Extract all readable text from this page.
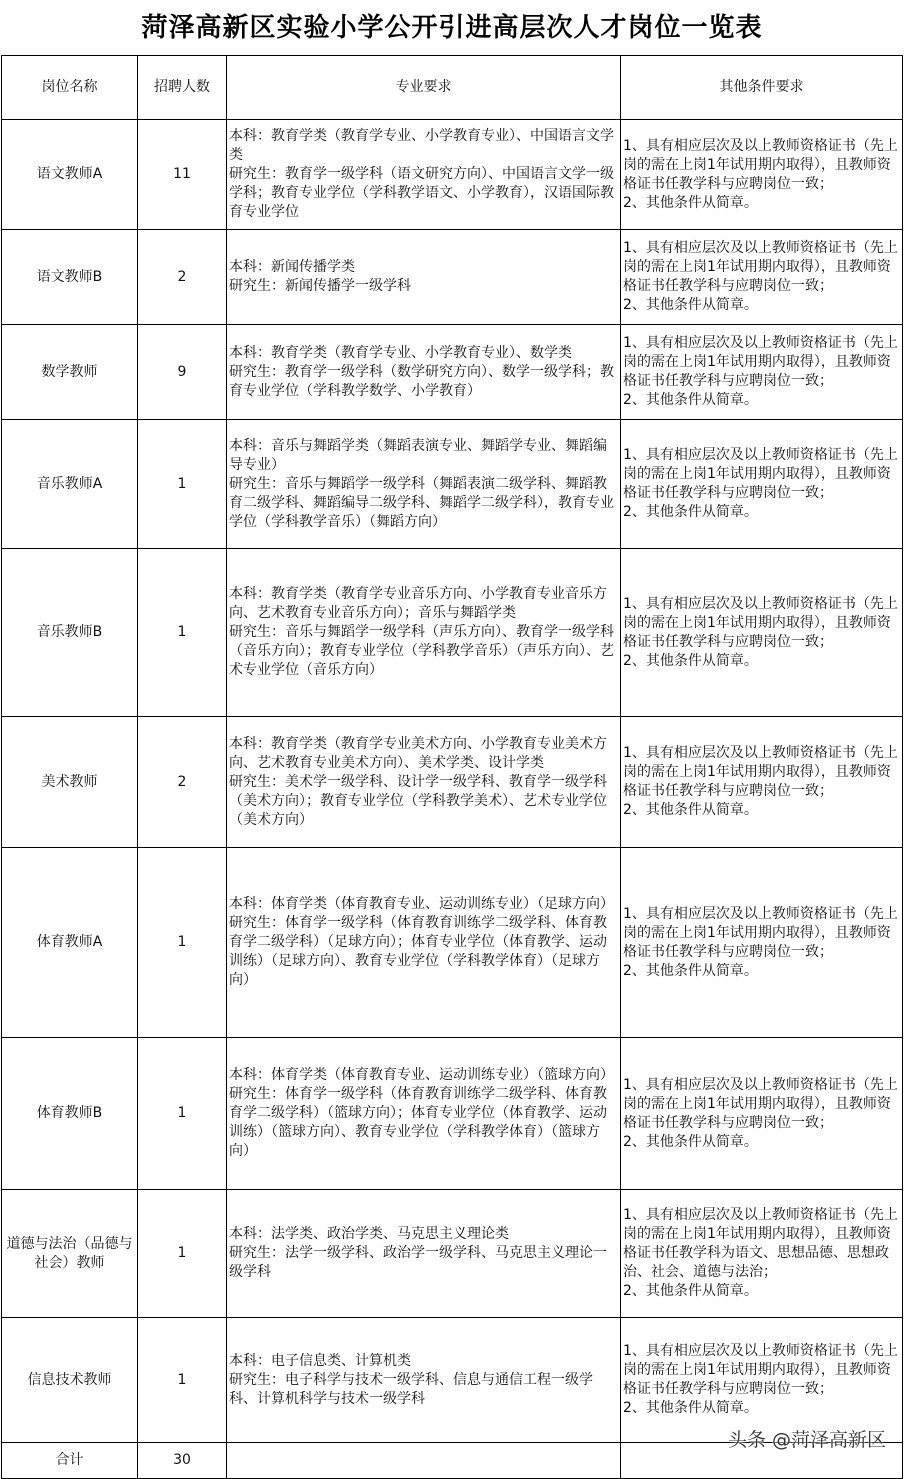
菏泽高新区实验小学公开引进高层次人才岗位一览表
岗位名称	招聘人数	专业要求	其他条件要求
语文教师A	11	本科：教育学类（教育学专业、小学教育专业）、中国语言文学类
研究生：教育学一级学科（语文研究方向）、中国语言文学一级学科；教育专业学位（学科教学语文、小学教育），汉语国际教育专业学位	1、具有相应层次及以上教师资格证书（先上岗的需在上岗1年试用期内取得），且教师资格证书任教学科与应聘岗位一致；
2、其他条件从简章。

语文教师B	2	本科：新闻传播学类
研究生：新闻传播学一级学科	1、具有相应层次及以上教师资格证书（先上岗的需在上岗1年试用期内取得），且教师资格证书任教学科与应聘岗位一致；
2、其他条件从简章。

数学教师	9	本科：教育学类（教育学专业、小学教育专业）、数学类
研究生：教育学一级学科（数学研究方向）、数学一级学科；教育专业学位（学科教学数学、小学教育）	1、具有相应层次及以上教师资格证书（先上岗的需在上岗1年试用期内取得），且教师资格证书任教学科与应聘岗位一致；
2、其他条件从简章。

音乐教师A	1	本科：音乐与舞蹈学类（舞蹈表演专业、舞蹈学专业、舞蹈编导专业）
研究生：音乐与舞蹈学一级学科（舞蹈表演二级学科、舞蹈教育二级学科、舞蹈编导二级学科、舞蹈学二级学科），教育专业学位（学科教学音乐）（舞蹈方向）	1、具有相应层次及以上教师资格证书（先上岗的需在上岗1年试用期内取得），且教师资格证书任教学科与应聘岗位一致；
2、其他条件从简章。

音乐教师B	1	本科：教育学类（教育学专业音乐方向、小学教育专业音乐方向、艺术教育专业音乐方向）；音乐与舞蹈学类
研究生：音乐与舞蹈学一级学科（声乐方向）、教育学一级学科（音乐方向）；教育专业学位（学科教学音乐）（声乐方向）、艺术专业学位（音乐方向）	1、具有相应层次及以上教师资格证书（先上岗的需在上岗1年试用期内取得），且教师资格证书任教学科与应聘岗位一致；
2、其他条件从简章。

美术教师	2	本科：教育学类（教育学专业美术方向、小学教育专业美术方向、艺术教育专业美术方向）、美术学类、设计学类
研究生：美术学一级学科、设计学一级学科、教育学一级学科（美术方向）；教育专业学位（学科教学美术）、艺术专业学位（美术方向）	1、具有相应层次及以上教师资格证书（先上岗的需在上岗1年试用期内取得），且教师资格证书任教学科与应聘岗位一致；
2、其他条件从简章。

体育教师A	1	本科：体育学类（体育教育专业、运动训练专业）（足球方向）
研究生：体育学一级学科（体育教育训练学二级学科、体育教育学二级学科）（足球方向）；体育专业学位（体育教学、运动训练）（足球方向）、教育专业学位（学科教学体育）（足球方向）	1、具有相应层次及以上教师资格证书（先上岗的需在上岗1年试用期内取得），且教师资格证书任教学科与应聘岗位一致；
2、其他条件从简章。

体育教师B	1	本科：体育学类（体育教育专业、运动训练专业）（篮球方向）
研究生：体育学一级学科（体育教育训练学二级学科、体育教育学二级学科）（篮球方向）；体育专业学位（体育教学、运动训练）（篮球方向）、教育专业学位（学科教学体育）（篮球方向）	1、具有相应层次及以上教师资格证书（先上岗的需在上岗1年试用期内取得），且教师资格证书任教学科与应聘岗位一致；
2、其他条件从简章。

道德与法治（品德与社会）教师	1	本科：法学类、政治学类、马克思主义理论类
研究生：法学一级学科、政治学一级学科、马克思主义理论一级学科	1、具有相应层次及以上教师资格证书（先上岗的需在上岗1年试用期内取得），且教师资格证书任教学科为语文、思想品德、思想政治、社会、道德与法治；
2、其他条件从简章。

信息技术教师	1	本科：电子信息类、计算机类
研究生：电子科学与技术一级学科、信息与通信工程一级学科、计算机科学与技术一级学科	1、具有相应层次及以上教师资格证书（先上岗的需在上岗1年试用期内取得），且教师资格证书任教学科与应聘岗位一致；
2、其他条件从简章。

合计	30		
头条 @菏泽高新区
